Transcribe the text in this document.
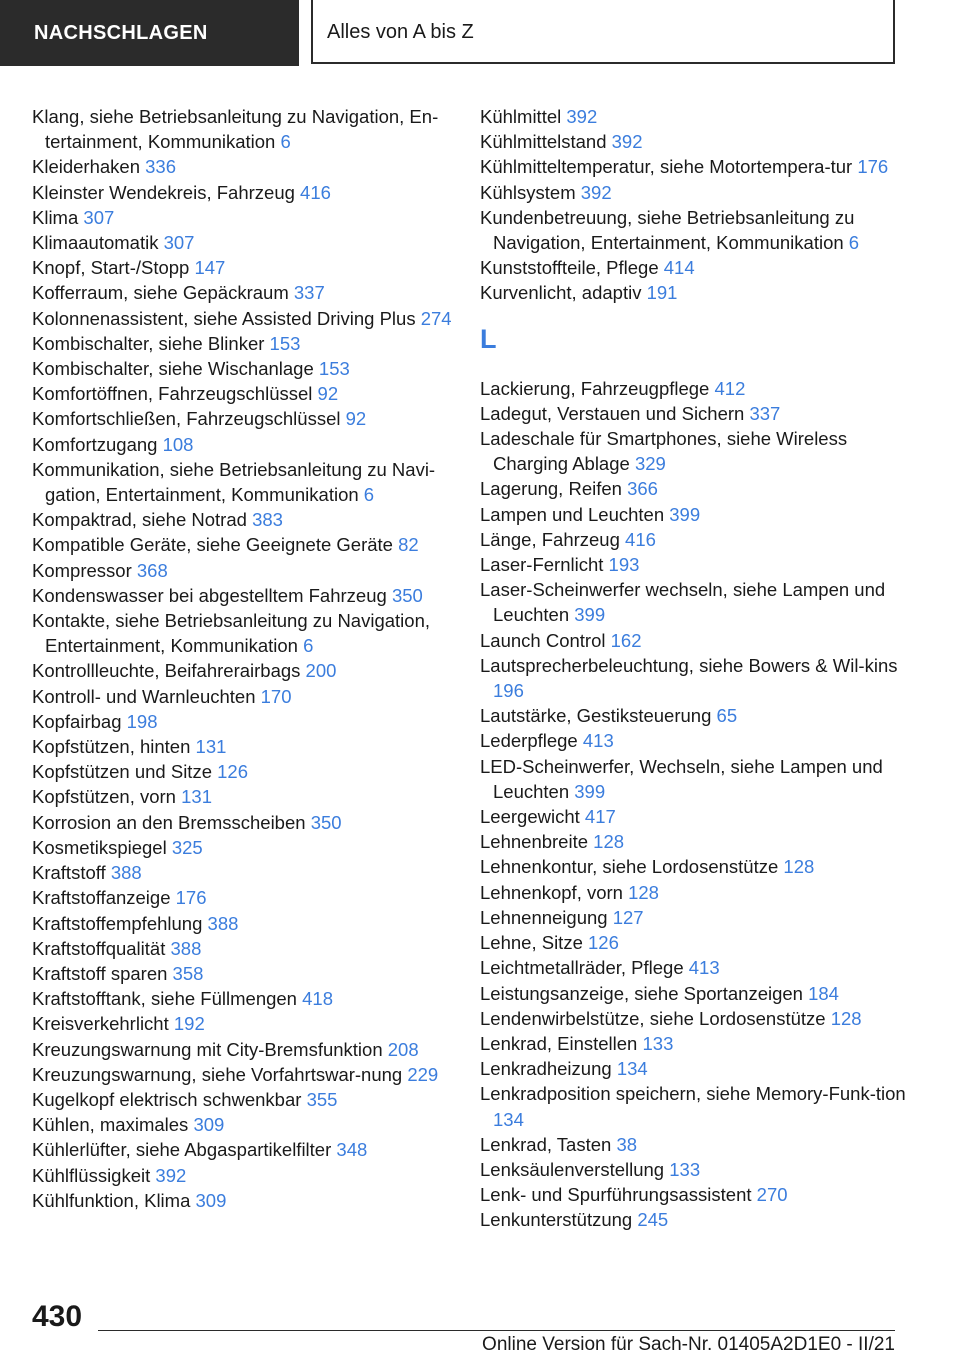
NACHSCHLAGEN	Alles von A bis Z
Klang, siehe Betriebsanleitung zu Navigation, En-tertainment, Kommunikation 6
Kleiderhaken 336
Kleinster Wendekreis, Fahrzeug 416
Klima 307
Klimaautomatik 307
Knopf, Start-/Stopp 147
Kofferraum, siehe Gepäckraum 337
Kolonnenassistent, siehe Assisted Driving Plus 274
Kombischalter, siehe Blinker 153
Kombischalter, siehe Wischanlage 153
Komfortöffnen, Fahrzeugschlüssel 92
Komfortschließen, Fahrzeugschlüssel 92
Komfortzugang 108
Kommunikation, siehe Betriebsanleitung zu Navi-gation, Entertainment, Kommunikation 6
Kompaktrad, siehe Notrad 383
Kompatible Geräte, siehe Geeignete Geräte 82
Kompressor 368
Kondenswasser bei abgestelltem Fahrzeug 350
Kontakte, siehe Betriebsanleitung zu Navigation, Entertainment, Kommunikation 6
Kontrollleuchte, Beifahrerairbags 200
Kontroll- und Warnleuchten 170
Kopfairbag 198
Kopfstützen, hinten 131
Kopfstützen und Sitze 126
Kopfstützen, vorn 131
Korrosion an den Bremsscheiben 350
Kosmetikspiegel 325
Kraftstoff 388
Kraftstoffanzeige 176
Kraftstoffempfehlung 388
Kraftstoffqualität 388
Kraftstoff sparen 358
Kraftstofftank, siehe Füllmengen 418
Kreisverkehrlicht 192
Kreuzungswarnung mit City-Bremsfunktion 208
Kreuzungswarnung, siehe Vorfahrtswar-nung 229
Kugelkopf elektrisch schwenkbar 355
Kühlen, maximales 309
Kühlerlüfter, siehe Abgaspartikelfilter 348
Kühlflüssigkeit 392
Kühlfunktion, Klima 309
Kühlmittel 392
Kühlmittelstand 392
Kühlmitteltemperatur, siehe Motortempera-tur 176
Kühlsystem 392
Kundenbetreuung, siehe Betriebsanleitung zu Navigation, Entertainment, Kommunikation 6
Kunststoffteile, Pflege 414
Kurvenlicht, adaptiv 191
L
Lackierung, Fahrzeugpflege 412
Ladegut, Verstauen und Sichern 337
Ladeschale für Smartphones, siehe Wireless Charging Ablage 329
Lagerung, Reifen 366
Lampen und Leuchten 399
Länge, Fahrzeug 416
Laser-Fernlicht 193
Laser-Scheinwerfer wechseln, siehe Lampen und Leuchten 399
Launch Control 162
Lautsprecherbeleuchtung, siehe Bowers & Wil-kins 196
Lautstärke, Gestiksteuerung 65
Lederpflege 413
LED-Scheinwerfer, Wechseln, siehe Lampen und Leuchten 399
Leergewicht 417
Lehnenbreite 128
Lehnenkontur, siehe Lordosenstütze 128
Lehnenkopf, vorn 128
Lehnenneigung 127
Lehne, Sitze 126
Leichtmetallräder, Pflege 413
Leistungsanzeige, siehe Sportanzeigen 184
Lendenwirbelstütze, siehe Lordosenstütze 128
Lenkrad, Einstellen 133
Lenkradheizung 134
Lenkradposition speichern, siehe Memory-Funk-tion 134
Lenkrad, Tasten 38
Lenksäulenverstellung 133
Lenk- und Spurführungsassistent 270
Lenkunterstützung 245
430
Online Version für Sach-Nr. 01405A2D1E0 - II/21
